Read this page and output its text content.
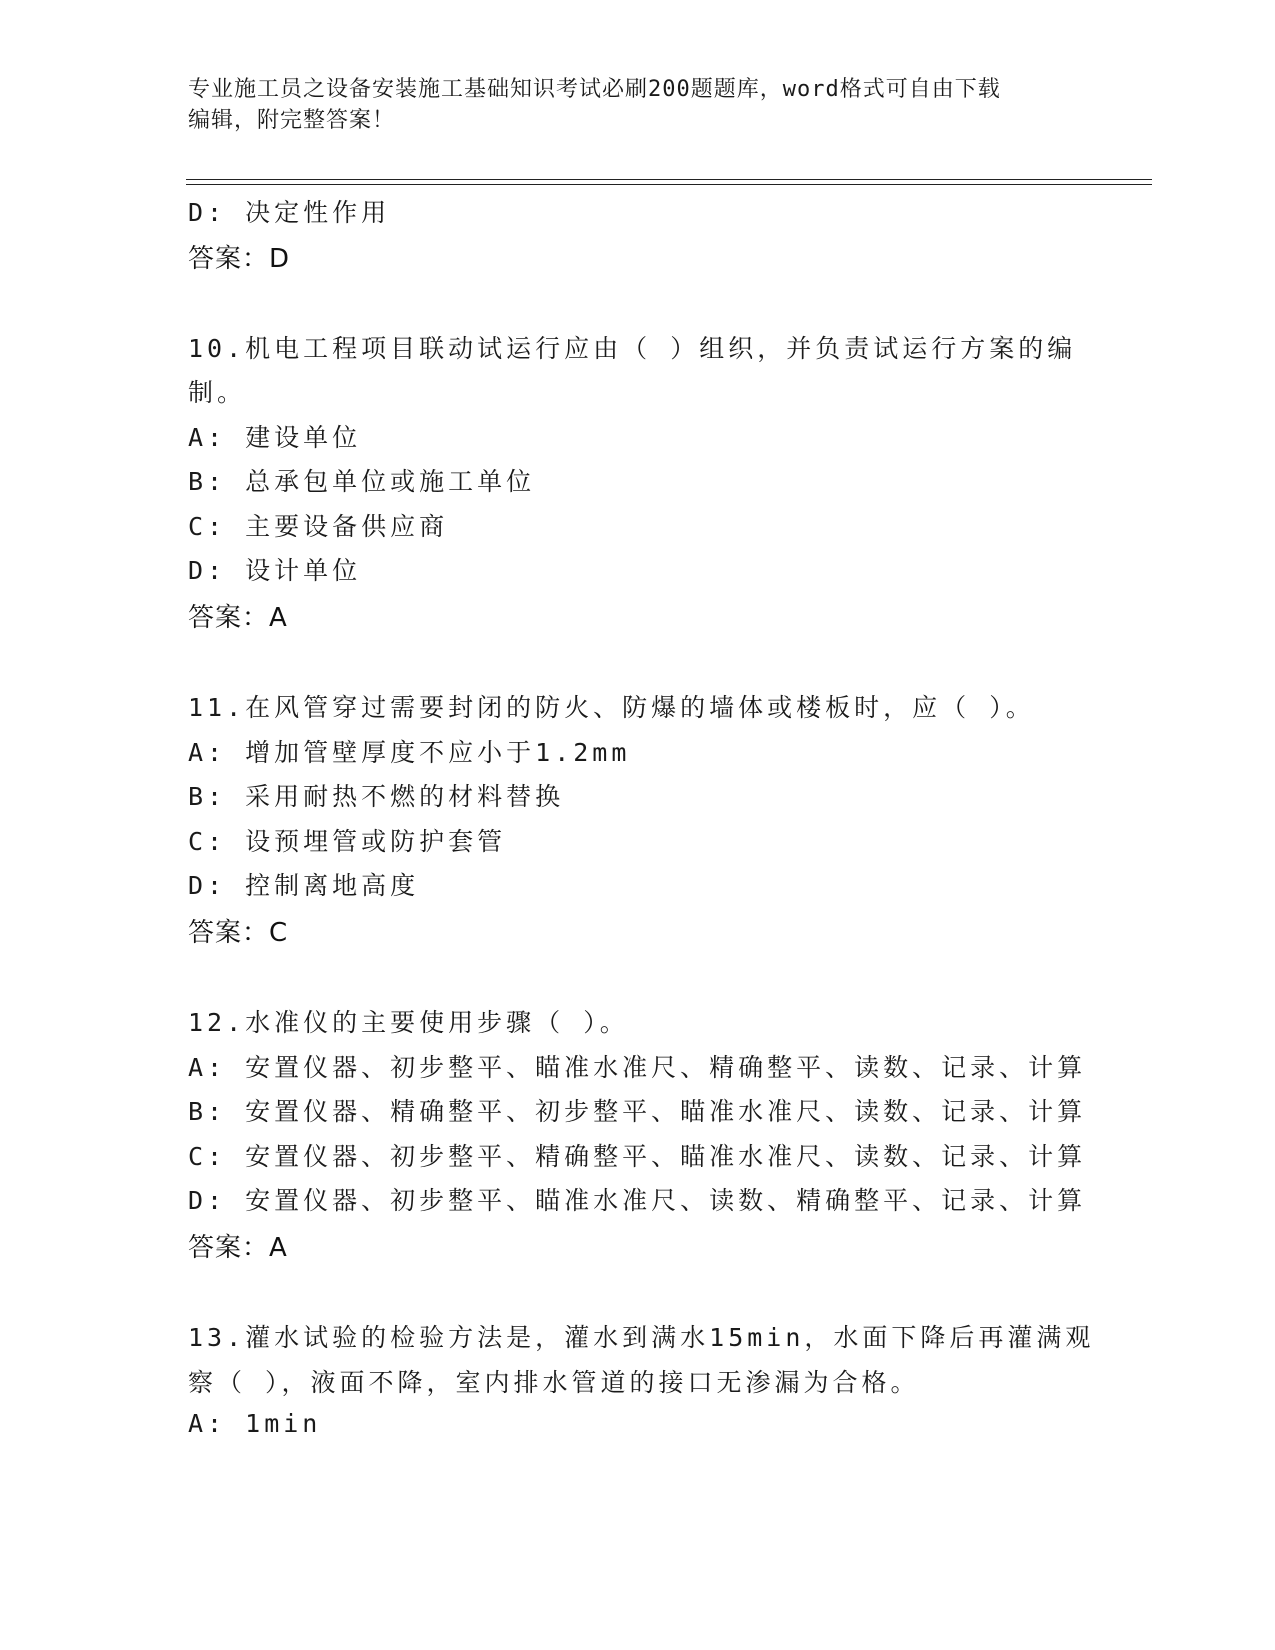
专业施工员之设备安装施工基础知识考试必刷200题题库，word格式可自由下载
编辑，附完整答案！
D: 决定性作用
答案：D
10.机电工程项目联动试运行应由（ ）组织，并负责试运行方案的编
制。
A: 建设单位
B: 总承包单位或施工单位
C: 主要设备供应商
D: 设计单位
答案：A
11.在风管穿过需要封闭的防火、防爆的墙体或楼板时，应（ ）。
A: 增加管壁厚度不应小于1.2mm
B: 采用耐热不燃的材料替换
C: 设预埋管或防护套管
D: 控制离地高度
答案：C
12.水准仪的主要使用步骤（ ）。
A: 安置仪器、初步整平、瞄准水准尺、精确整平、读数、记录、计算
B: 安置仪器、精确整平、初步整平、瞄准水准尺、读数、记录、计算
C: 安置仪器、初步整平、精确整平、瞄准水准尺、读数、记录、计算
D: 安置仪器、初步整平、瞄准水准尺、读数、精确整平、记录、计算
答案：A
13.灌水试验的检验方法是，灌水到满水15min，水面下降后再灌满观
察（ ），液面不降，室内排水管道的接口无渗漏为合格。
A: 1min
